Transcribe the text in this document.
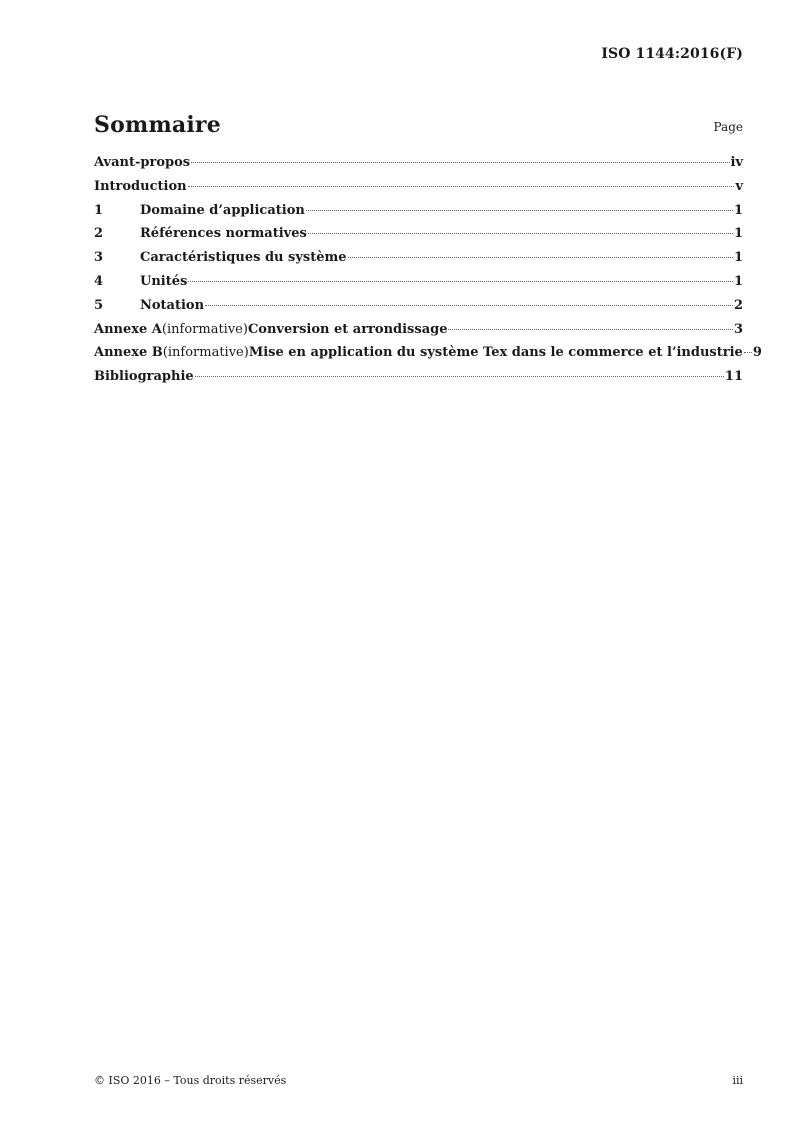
ISO 1144:2016(F)
Sommaire	Page
Avant-propos	iv
Introduction	v
1	Domaine d’application	1
2	Références normatives	1
3	Caractéristiques du système	1
4	Unités	1
5	Notation	2
Annexe A (informative) Conversion et arrondissage	3
Annexe B (informative) Mise en application du système Tex dans le commerce et l’industrie 9
Bibliographie	11
© ISO 2016 – Tous droits réservés	iii
